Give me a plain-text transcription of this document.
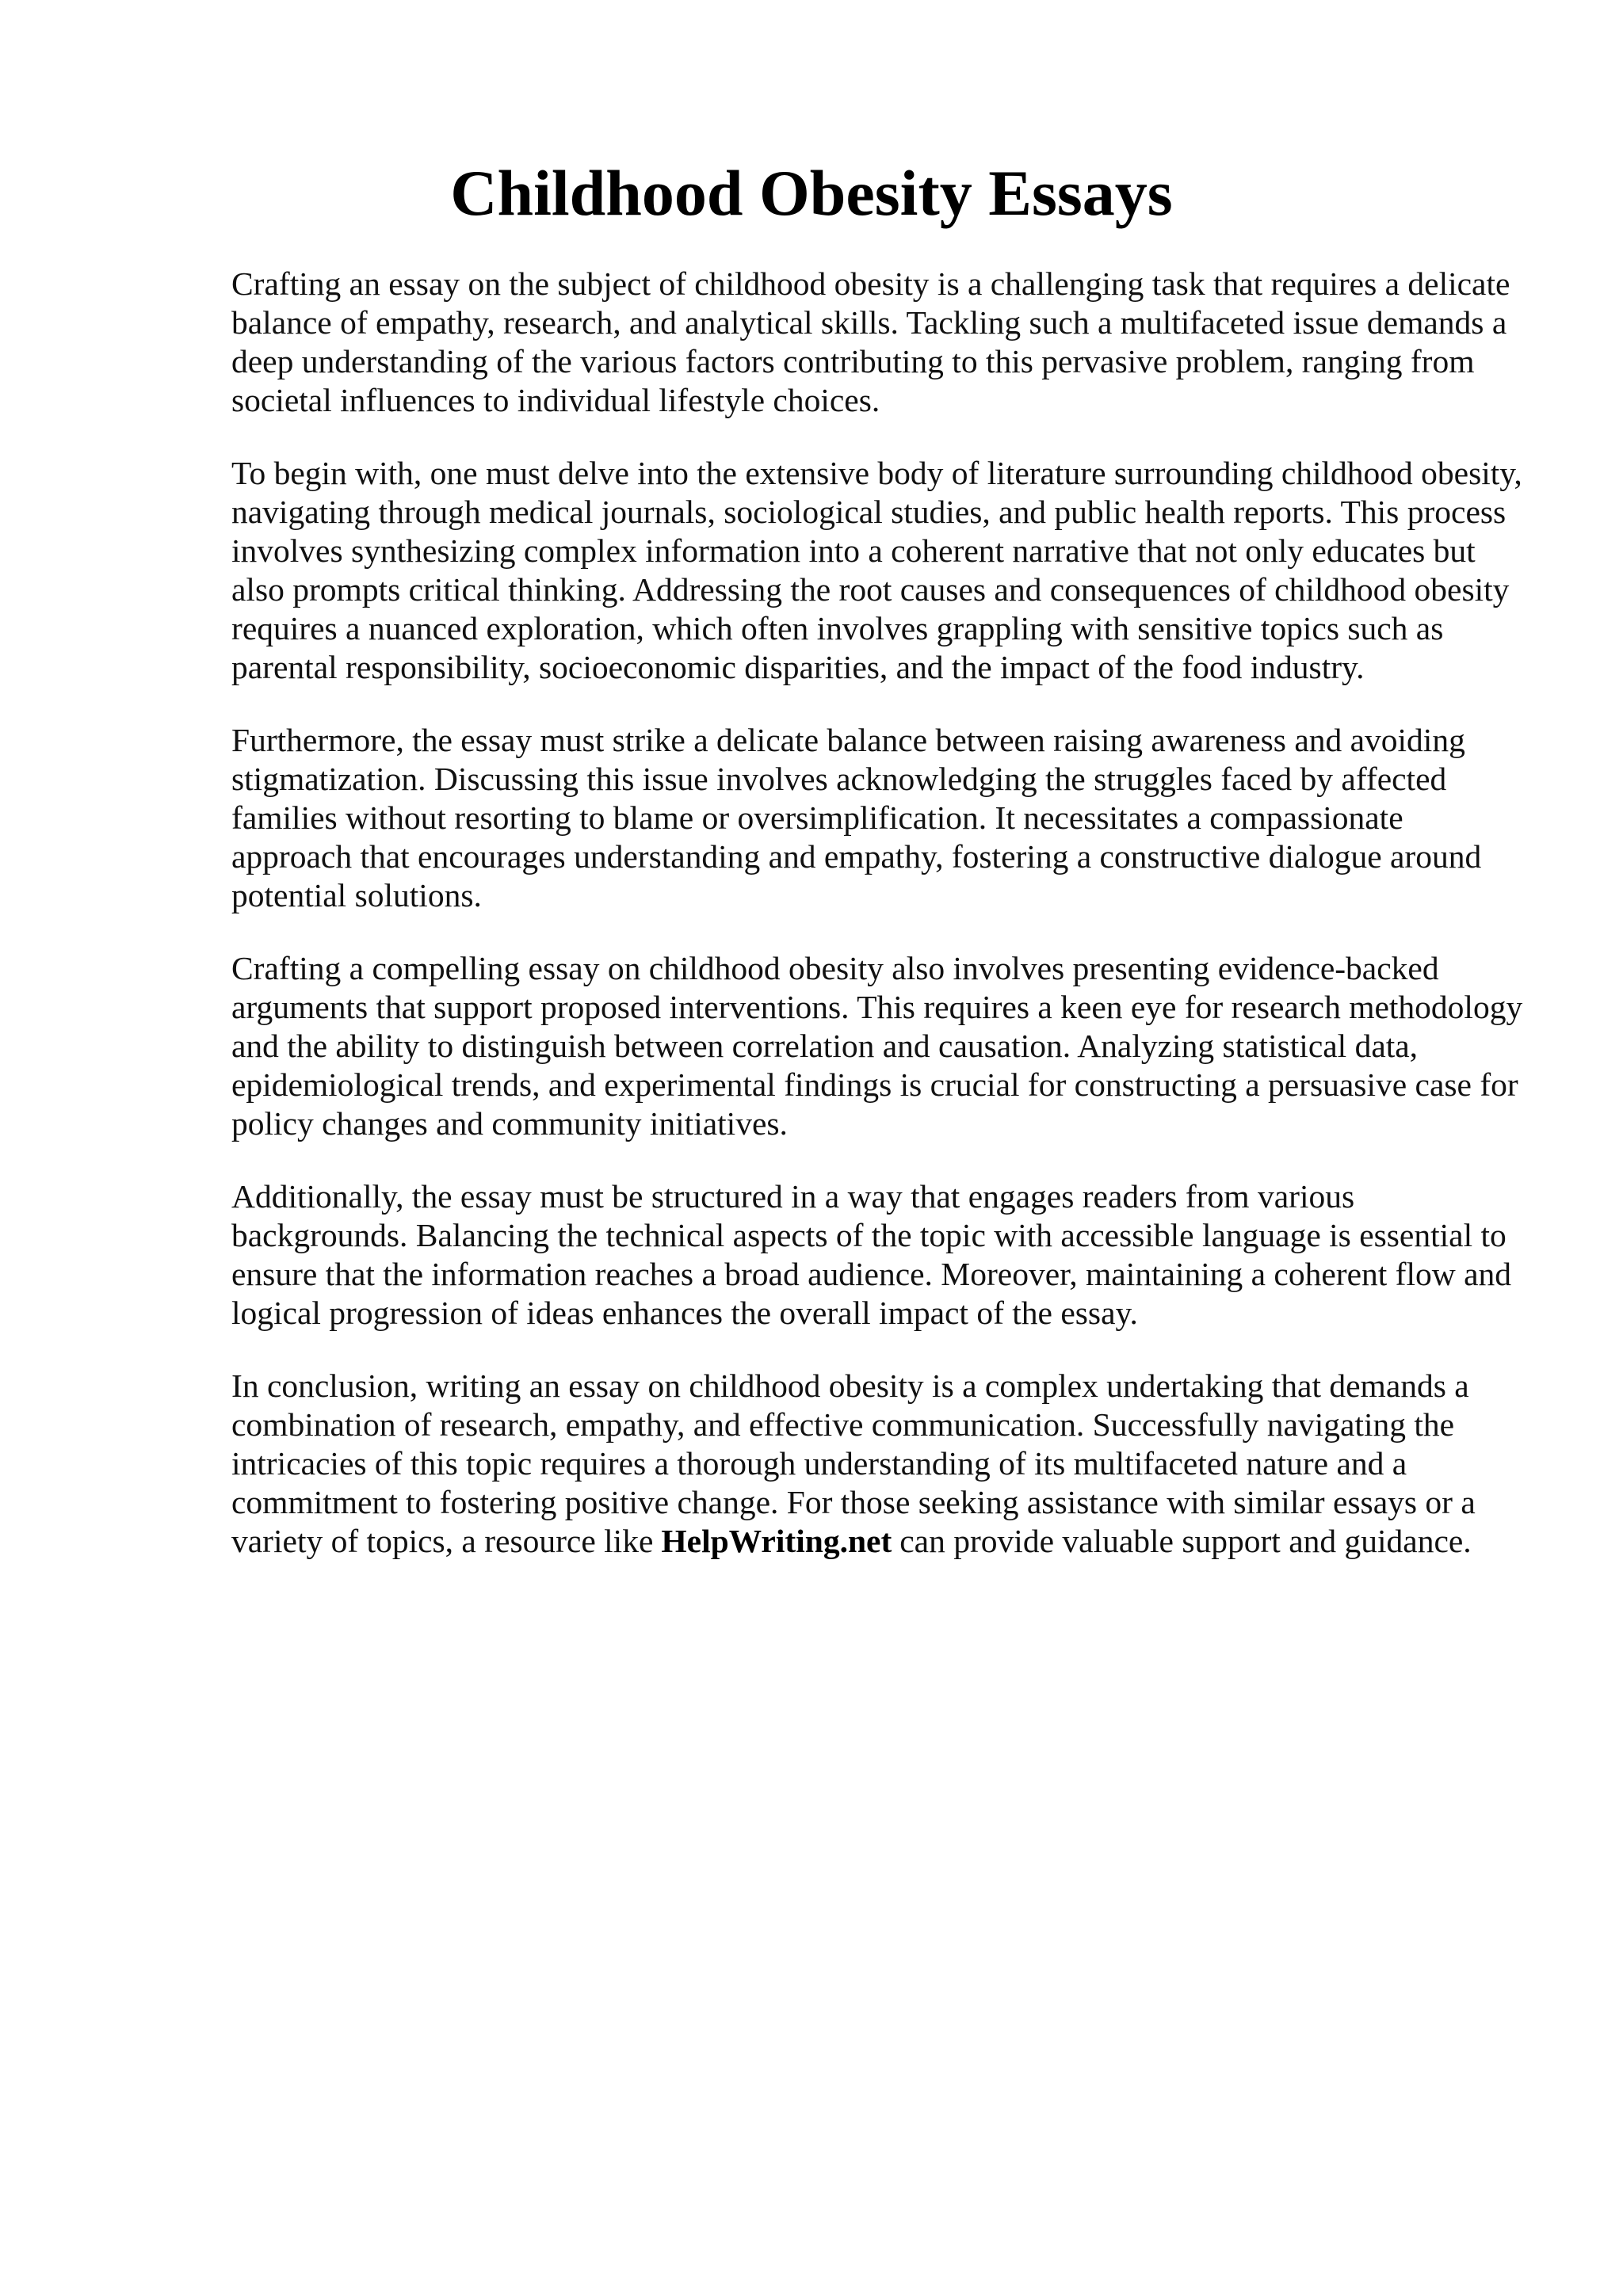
Childhood Obesity Essays

Crafting an essay on the subject of childhood obesity is a challenging task that requires a delicate balance of empathy, research, and analytical skills. Tackling such a multifaceted issue demands a deep understanding of the various factors contributing to this pervasive problem, ranging from societal influences to individual lifestyle choices.

To begin with, one must delve into the extensive body of literature surrounding childhood obesity, navigating through medical journals, sociological studies, and public health reports. This process involves synthesizing complex information into a coherent narrative that not only educates but also prompts critical thinking. Addressing the root causes and consequences of childhood obesity requires a nuanced exploration, which often involves grappling with sensitive topics such as parental responsibility, socioeconomic disparities, and the impact of the food industry.

Furthermore, the essay must strike a delicate balance between raising awareness and avoiding stigmatization. Discussing this issue involves acknowledging the struggles faced by affected families without resorting to blame or oversimplification. It necessitates a compassionate approach that encourages understanding and empathy, fostering a constructive dialogue around potential solutions.

Crafting a compelling essay on childhood obesity also involves presenting evidence-backed arguments that support proposed interventions. This requires a keen eye for research methodology and the ability to distinguish between correlation and causation. Analyzing statistical data, epidemiological trends, and experimental findings is crucial for constructing a persuasive case for policy changes and community initiatives.

Additionally, the essay must be structured in a way that engages readers from various backgrounds. Balancing the technical aspects of the topic with accessible language is essential to ensure that the information reaches a broad audience. Moreover, maintaining a coherent flow and logical progression of ideas enhances the overall impact of the essay.

In conclusion, writing an essay on childhood obesity is a complex undertaking that demands a combination of research, empathy, and effective communication. Successfully navigating the intricacies of this topic requires a thorough understanding of its multifaceted nature and a commitment to fostering positive change. For those seeking assistance with similar essays or a variety of topics, a resource like HelpWriting.net can provide valuable support and guidance.
